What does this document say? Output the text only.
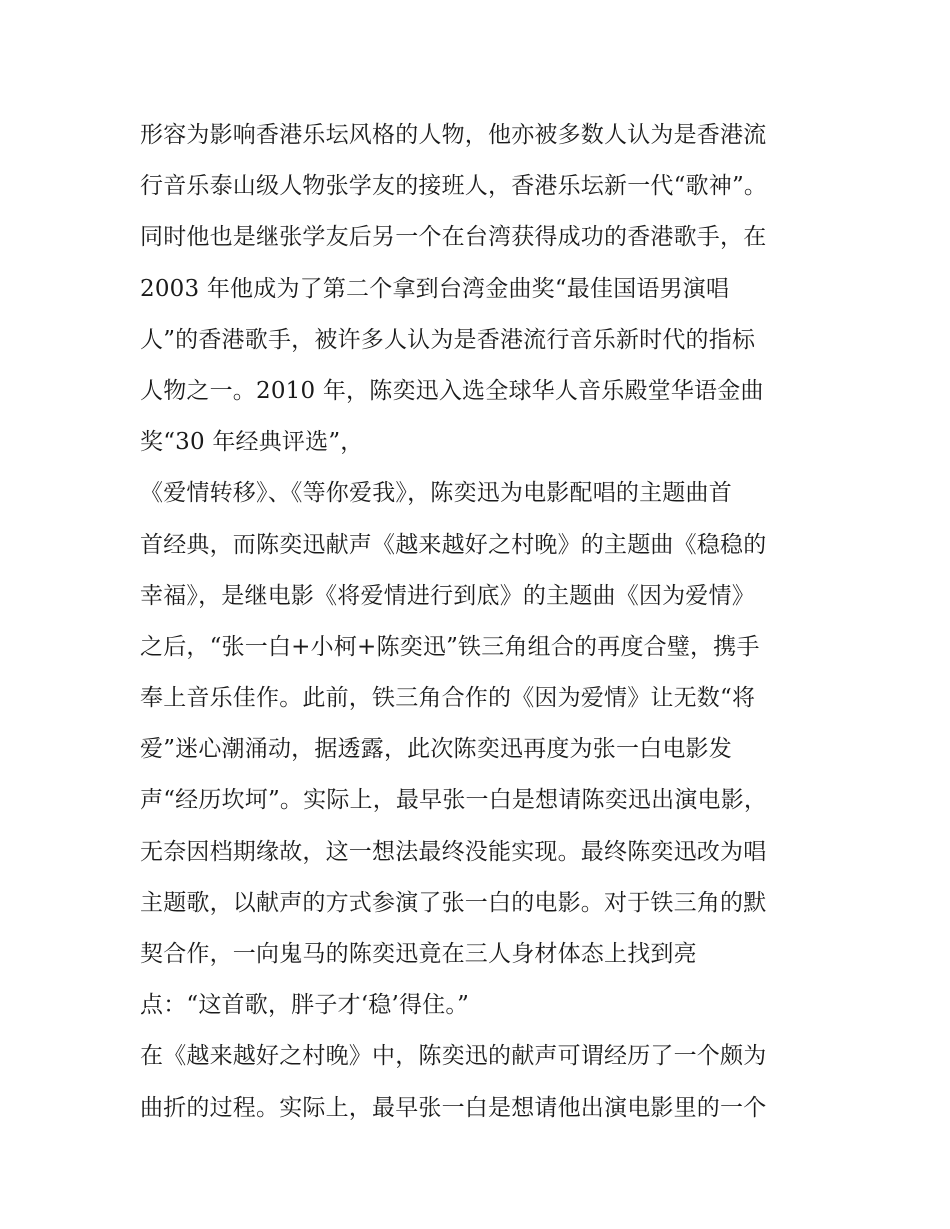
形容为影响香港乐坛风格的人物，他亦被多数人认为是香港流
行音乐泰山级人物张学友的接班人，香港乐坛新一代“歌神”。
同时他也是继张学友后另一个在台湾获得成功的香港歌手，在
2003 年他成为了第二个拿到台湾金曲奖“最佳国语男演唱
人”的香港歌手，被许多人认为是香港流行音乐新时代的指标
人物之一。2010 年，陈奕迅入选全球华人音乐殿堂华语金曲
奖“30 年经典评选”，
《爱情转移》、《等你爱我》，陈奕迅为电影配唱的主题曲首
首经典，而陈奕迅献声《越来越好之村晚》的主题曲《稳稳的
幸福》，是继电影《将爱情进行到底》的主题曲《因为爱情》
之后，“张一白+小柯+陈奕迅”铁三角组合的再度合璧，携手
奉上音乐佳作。此前，铁三角合作的《因为爱情》让无数“将
爱”迷心潮涌动，据透露，此次陈奕迅再度为张一白电影发
声“经历坎坷”。实际上，最早张一白是想请陈奕迅出演电影，
无奈因档期缘故，这一想法最终没能实现。最终陈奕迅改为唱
主题歌，以献声的方式参演了张一白的电影。对于铁三角的默
契合作，一向鬼马的陈奕迅竟在三人身材体态上找到亮
点：“这首歌，胖子才‘稳’得住。”
在《越来越好之村晚》中，陈奕迅的献声可谓经历了一个颇为
曲折的过程。实际上，最早张一白是想请他出演电影里的一个
